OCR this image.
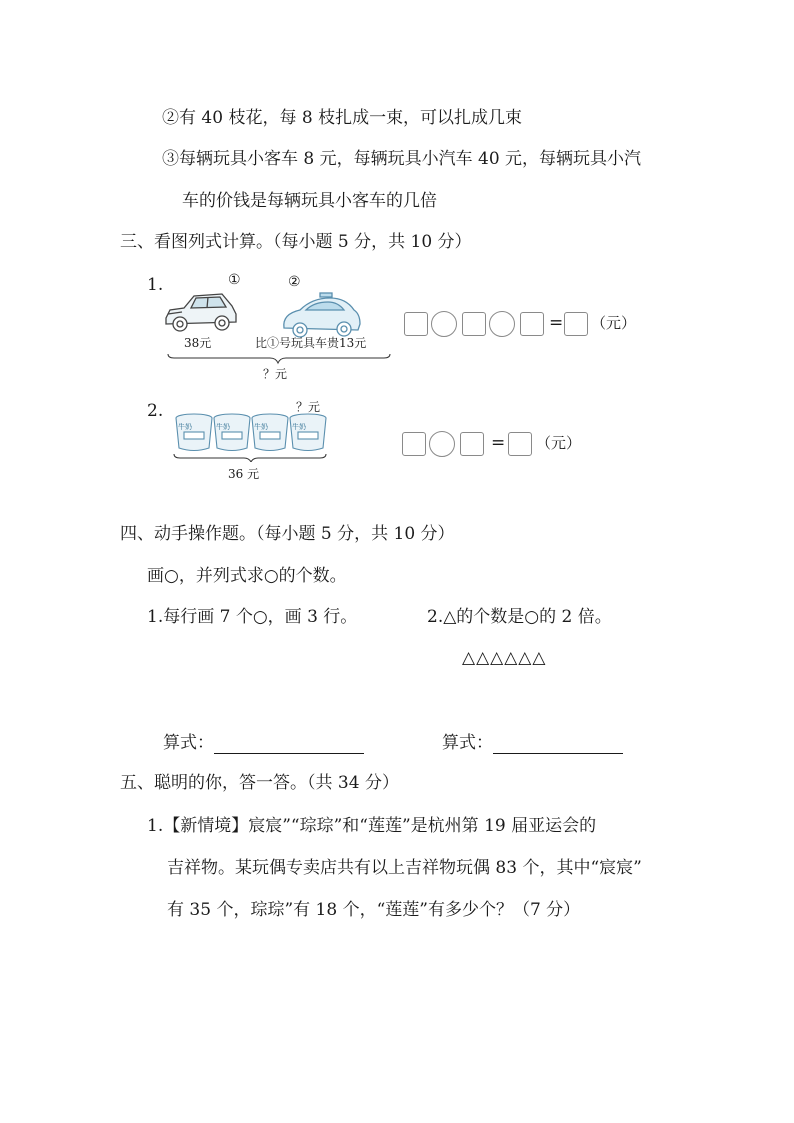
②有 40 枝花，每 8 枝扎成一束，可以扎成几束
③每辆玩具小客车 8 元，每辆玩具小汽车 40 元，每辆玩具小汽
车的价钱是每辆玩具小客车的几倍
三、看图列式计算。（每小题 5 分，共 10 分）
1.	①	②
38元	比①号玩具车贵13元
？元
= （元）
2.	？元
牛奶	牛奶	牛奶	牛奶
36 元
= （元）
四、动手操作题。（每小题 5 分，共 10 分）
画○，并列式求○的个数。
1.每行画 7 个○，画 3 行。	2.△的个数是○的 2 倍。
△△△△△△
算式：	算式：
五、聪明的你，答一答。（共 34 分）
1.【新情境】宸宸”“琮琮”和“莲莲”是杭州第 19 届亚运会的
吉祥物。某玩偶专卖店共有以上吉祥物玩偶 83 个，其中“宸宸”
有 35 个，琮琮”有 18 个，“莲莲”有多少个？（7 分）
